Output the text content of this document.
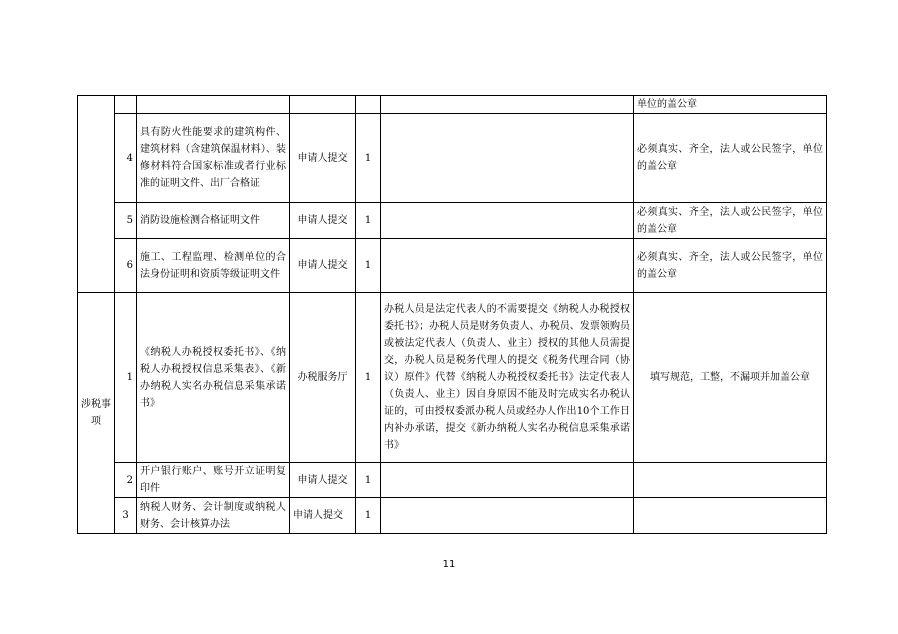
						单位的盖公章
	4	具有防火性能要求的建筑构件、建筑材料（含建筑保温材料）、装修材料符合国家标准或者行业标准的证明文件、出厂合格证	申请人提交	1		必须真实、齐全，法人或公民签字，单位的盖公章
	5	消防设施检测合格证明文件	申请人提交	1		必须真实、齐全，法人或公民签字，单位的盖公章
	6	施工、工程监理、检测单位的合法身份证明和资质等级证明文件	申请人提交	1		必须真实、齐全，法人或公民签字，单位的盖公章
涉税事项	1	《纳税人办税授权委托书》、《纳税人办税授权信息采集表》、《新办纳税人实名办税信息采集承诺书》	办税服务厅	1	办税人员是法定代表人的不需要提交《纳税人办税授权委托书》；办税人员是财务负责人、办税员、发票领购员或被法定代表人（负责人、业主）授权的其他人员需提交，办税人员是税务代理人的提交《税务代理合同（协议）原件》代替《纳税人办税授权委托书》法定代表人（负责人、业主）因自身原因不能及时完成实名办税认证的，可由授权委派办税人员或经办人作出10个工作日内补办承诺，提交《新办纳税人实名办税信息采集承诺书》	填写规范，工整，不漏项并加盖公章
	2	开户银行账户、账号开立证明复印件	申请人提交	1		
	3	纳税人财务、会计制度或纳税人财务、会计核算办法	申请人提交	1		
11
